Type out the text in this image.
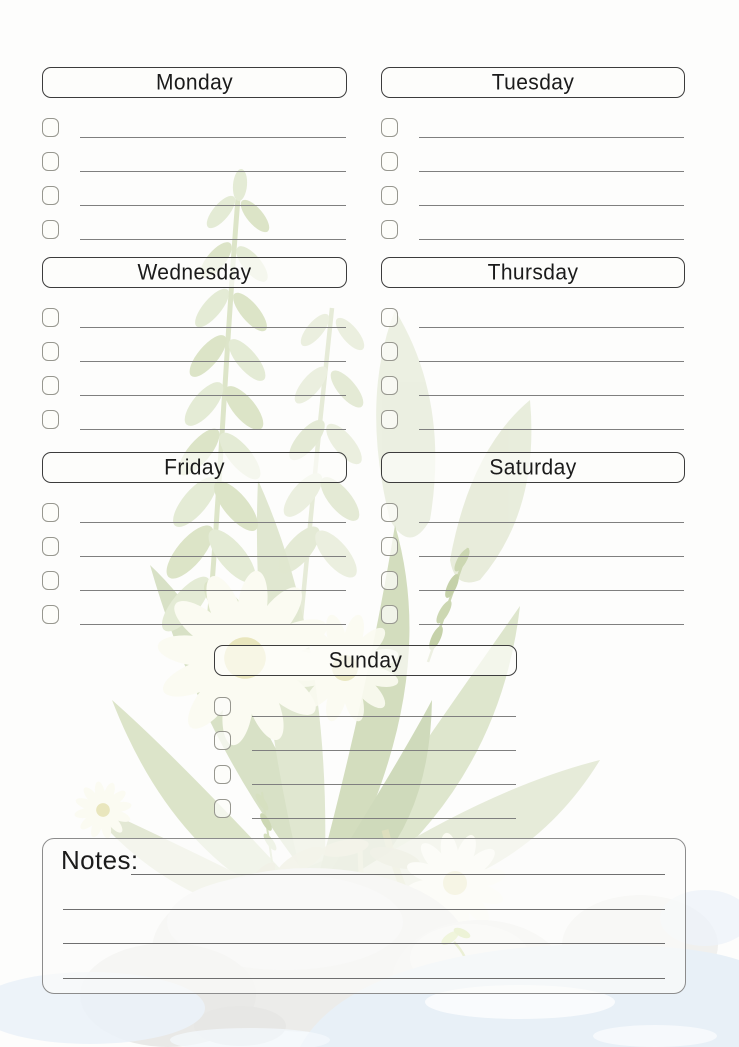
Monday	Tuesday
Wednesday	Thursday
Friday	Saturday
Sunday
Notes:
